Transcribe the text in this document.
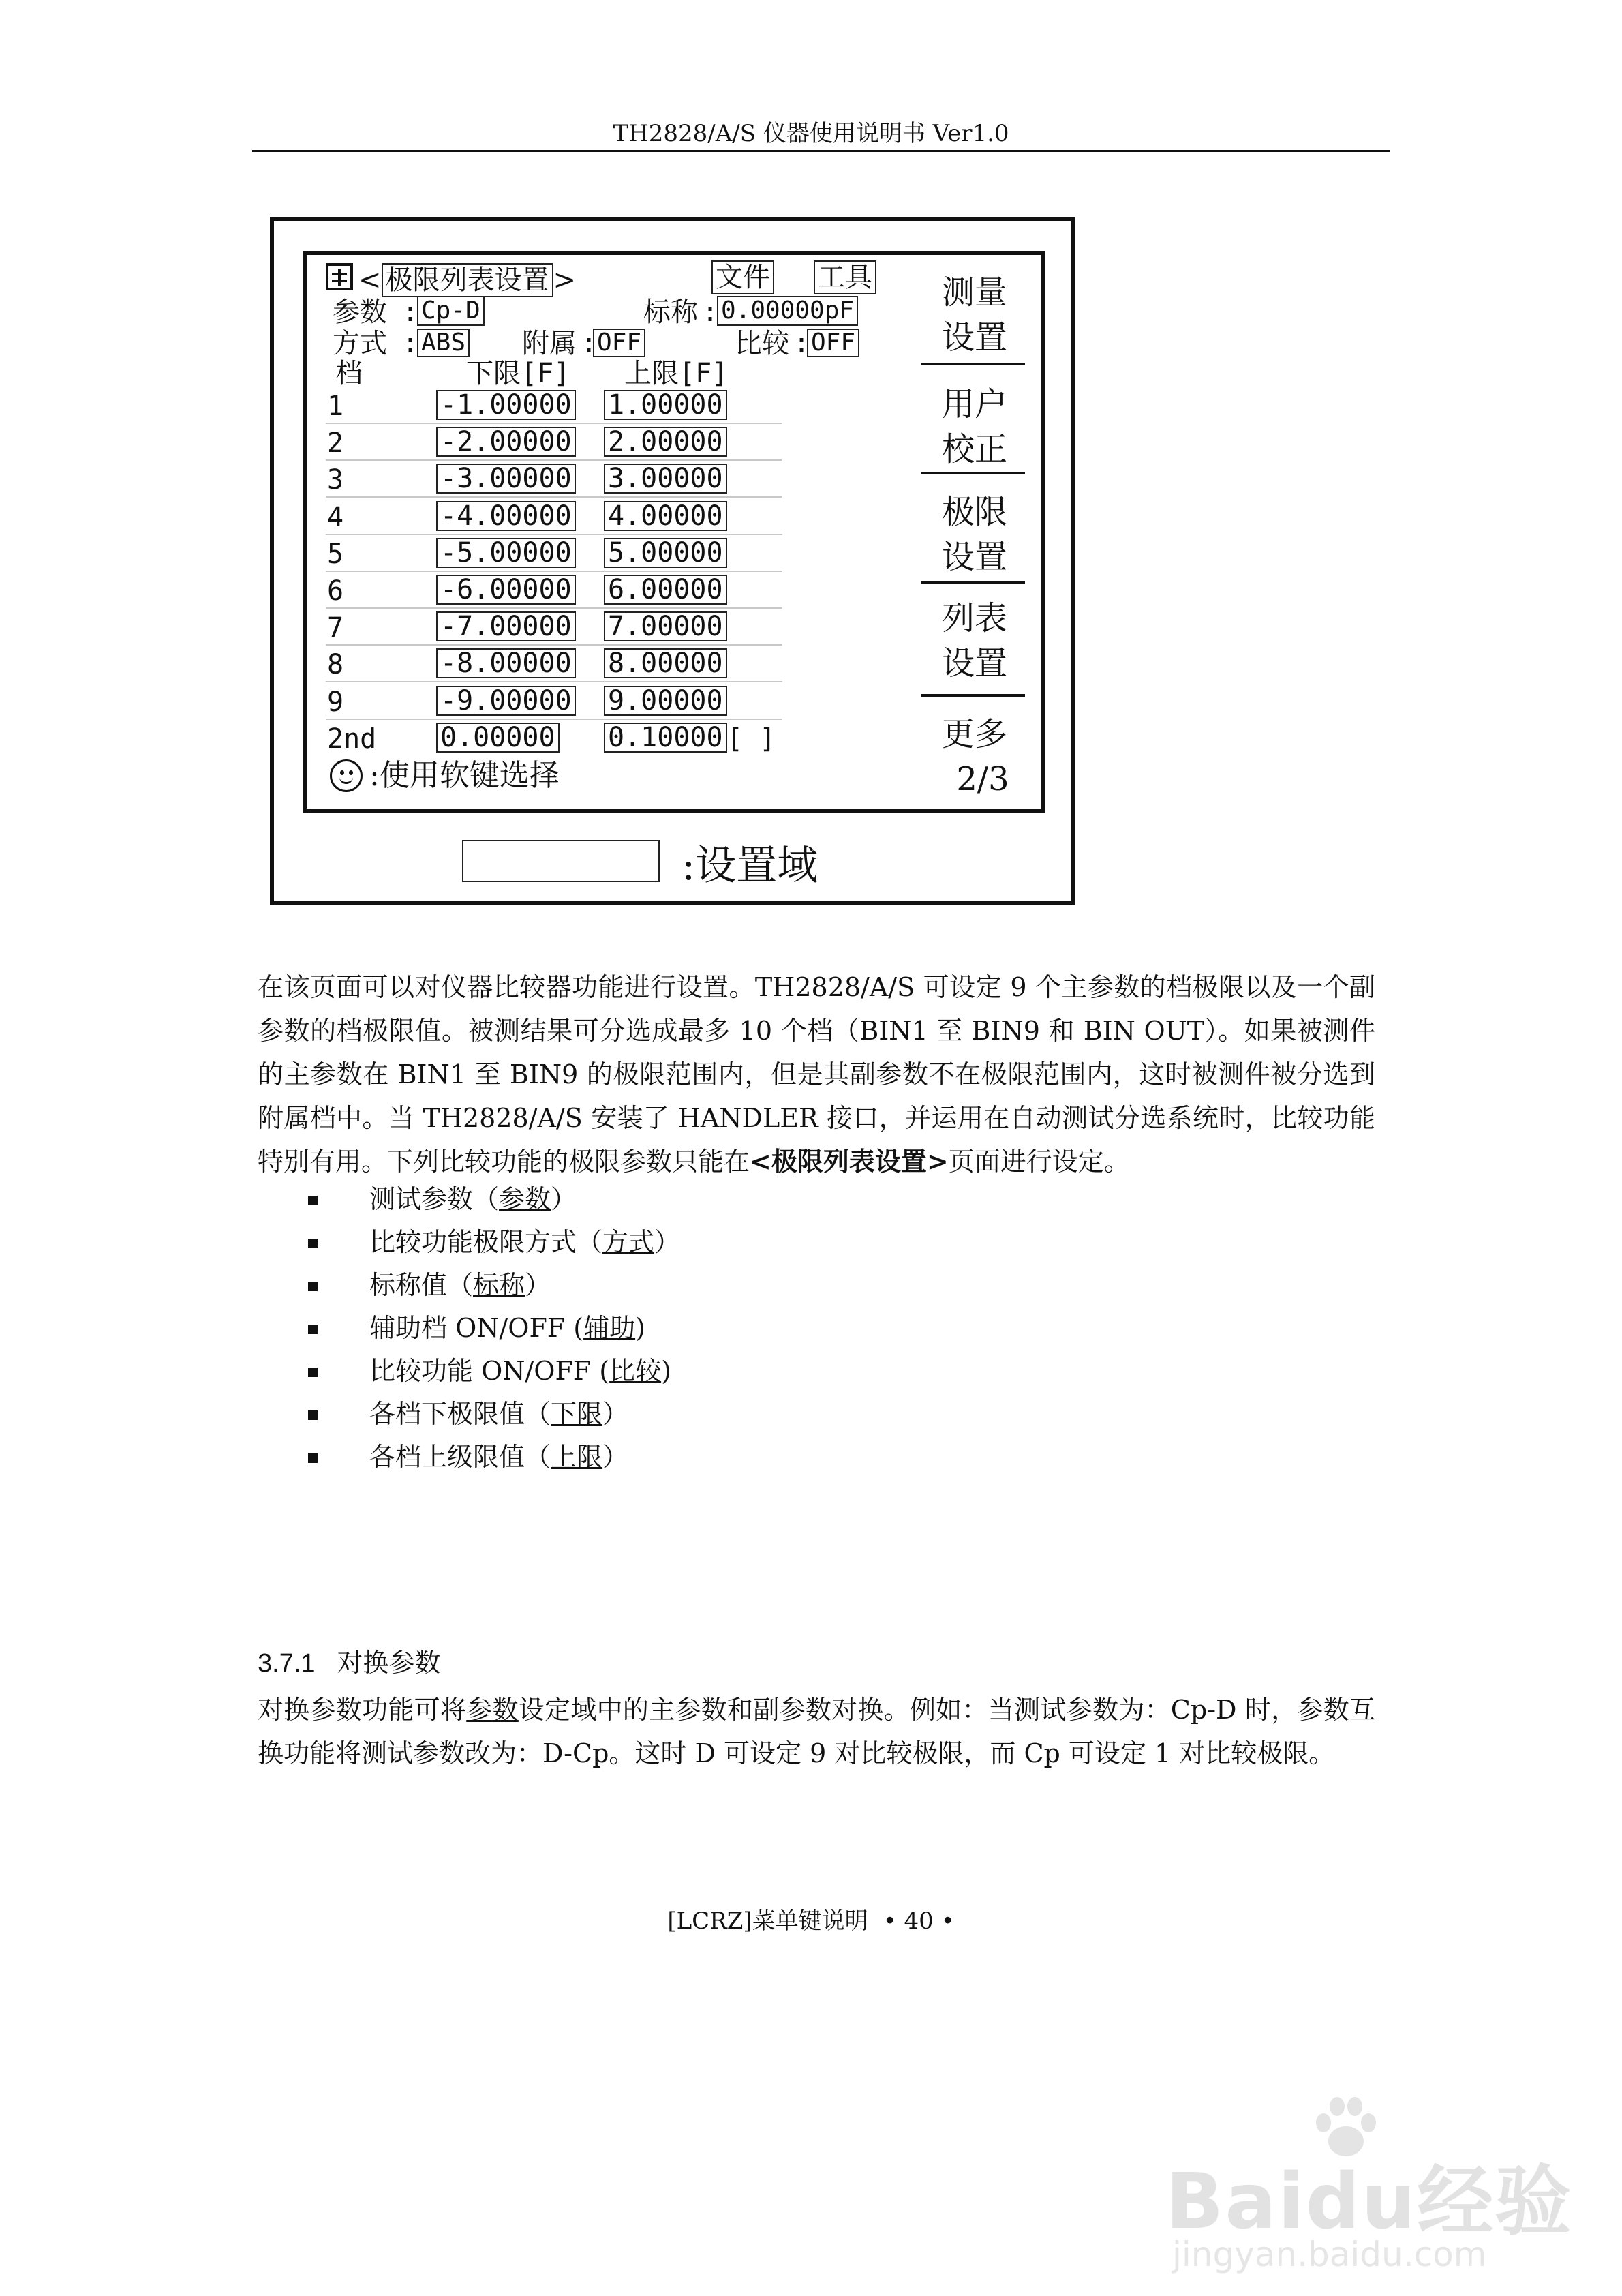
TH2828/A/S 仪器使用说明书 Ver1.0
< 极限列表设置 >	文件 工具
参数 : Cp-D	标称 : 0.00000pF
方式 : ABS 附属 : OFF	比较 : OFF
档	下限[F] 上限[F]
1	-1.00000 1.00000
2	-2.00000 2.00000
3	-3.00000 3.00000
4	-4.00000 4.00000
5	-5.00000 5.00000
6	-6.00000 6.00000
7	-7.00000 7.00000
8	-8.00000 8.00000
9	-9.00000 9.00000
2nd 0.00000 0.10000 [ ]
:使用软键选择
测量
设置
用户
校正
极限
设置
列表
设置
更多
2/3
:设置域
在该页面可以对仪器比较器功能进行设置。TH2828/A/S 可设定 9 个主参数的档极限以及一个副参数的档极限值。被测结果可分选成最多 10 个档（BIN1 至 BIN9 和 BIN OUT）。如果被测件的主参数在 BIN1 至 BIN9 的极限范围内，但是其副参数不在极限范围内，这时被测件被分选到附属档中。当 TH2828/A/S 安装了 HANDLER 接口，并运用在自动测试分选系统时，比较功能特别有用。下列比较功能的极限参数只能在<极限列表设置>页面进行设定。
测试参数（参数）
比较功能极限方式（方式）
标称值（标称）
辅助档 ON/OFF (辅助)
比较功能 ON/OFF (比较)
各档下极限值（下限）
各档上级限值（上限）
3.7.1 对换参数
对换参数功能可将参数设定域中的主参数和副参数对换。例如：当测试参数为：Cp-D 时，参数互换功能将测试参数改为：D-Cp。这时 D 可设定 9 对比较极限，而 Cp 可设定 1 对比较极限。
[LCRZ]菜单键说明 • 40 •
Baidu经验
jingyan.baidu.com
